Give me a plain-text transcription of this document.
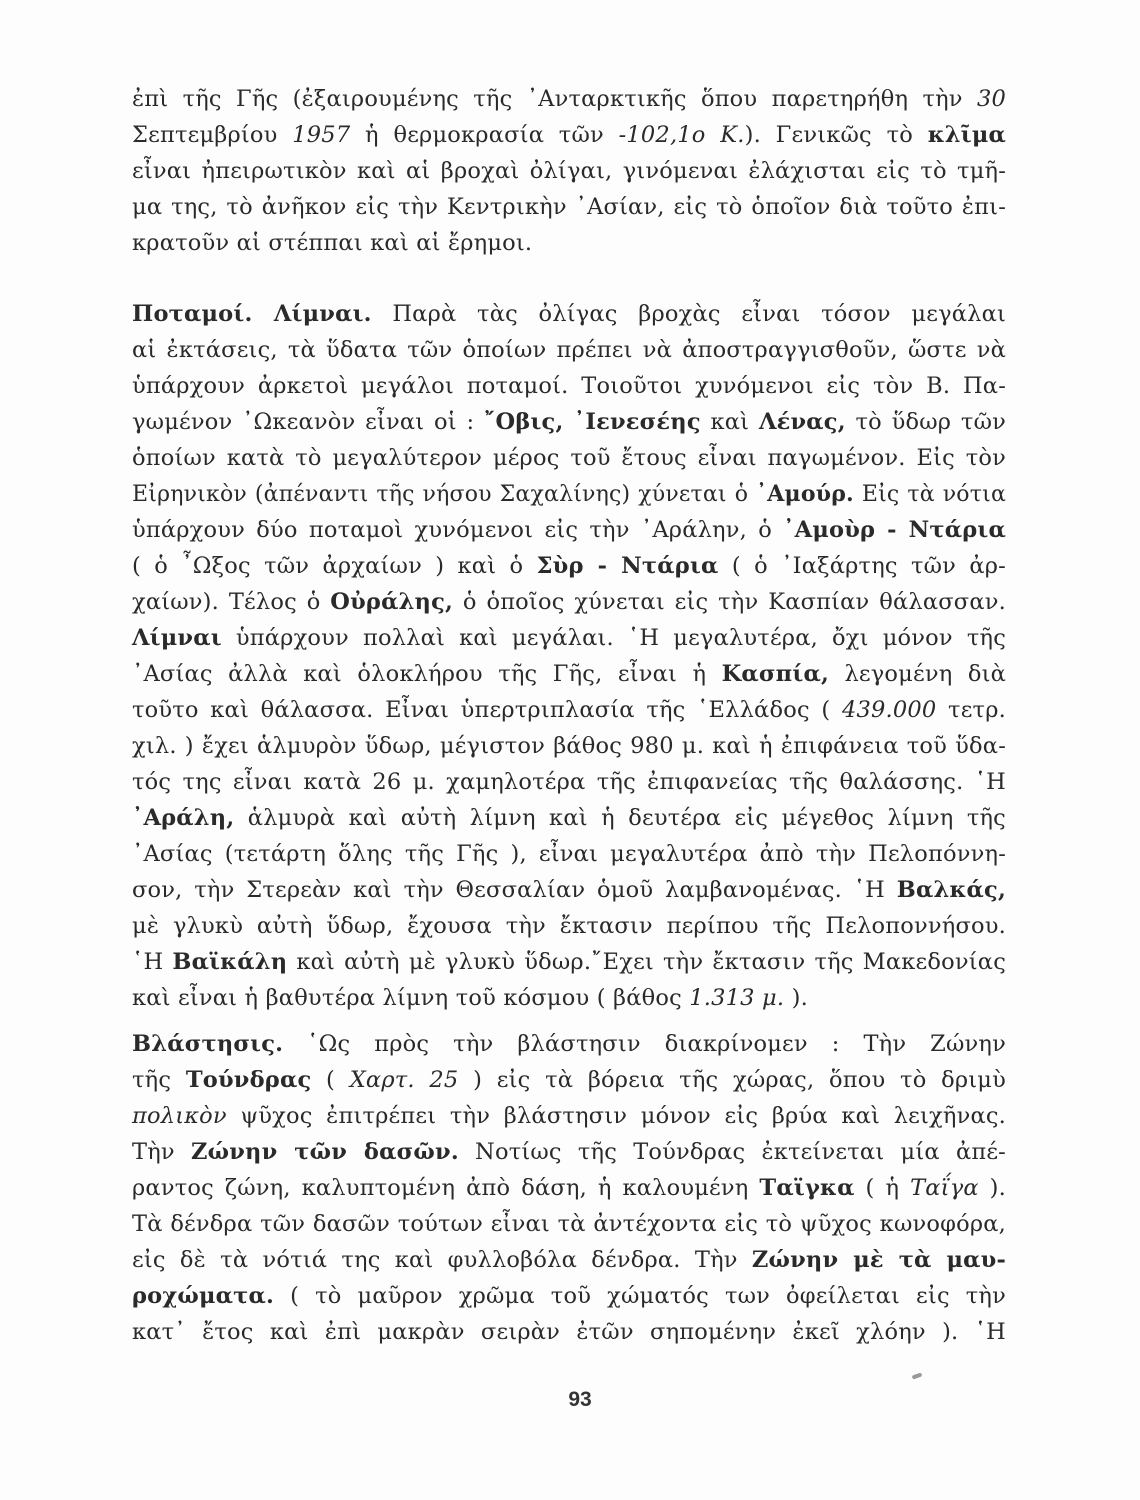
ἐπὶ τῆς Γῆς (ἐξαιρουμένης τῆς ᾽Ανταρκτικῆς ὅπου παρετηρήθη τὴν 30
Σεπτεμβρίου 1957 ἡ θερμοκρασία τῶν -102,1ο Κ.). Γενικῶς τὸ κλῖμα
εἶναι ἠπειρωτικὸν καὶ αἱ βροχαὶ ὀλίγαι, γινόμεναι ἐλάχισται εἰς τὸ τμῆ-
μα της, τὸ ἀνῆκον εἰς τὴν Κεντρικὴν ᾽Ασίαν, εἰς τὸ ὁποῖον διὰ τοῦτο ἐπι-
κρατοῦν αἱ στέππαι καὶ αἱ ἔρημοι.
Ποταμοί. Λίμναι. Παρὰ τὰς ὀλίγας βροχὰς εἶναι τόσον μεγάλαι
αἱ ἐκτάσεις, τὰ ὕδατα τῶν ὁποίων πρέπει νὰ ἀποστραγγισθοῦν, ὥστε νὰ
ὑπάρχουν ἀρκετοὶ μεγάλοι ποταμοί. Τοιοῦτοι χυνόμενοι εἰς τὸν Β. Πα-
γωμένον ᾽Ωκεανὸν εἶναι οἱ : ῎Οβις, ᾽Ιενεσέης καὶ Λένας, τὸ ὕδωρ τῶν
ὁποίων κατὰ τὸ μεγαλύτερον μέρος τοῦ ἔτους εἶναι παγωμένον. Εἰς τὸν
Εἰρηνικὸν (ἀπέναντι τῆς νήσου Σαχαλίνης) χύνεται ὁ ᾽Αμούρ. Εἰς τὰ νότια
ὑπάρχουν δύο ποταμοὶ χυνόμενοι εἰς τὴν ᾽Αράλην, ὁ ᾽Αμοὺρ - Ντάρια
( ὁ ῏Ωξος τῶν ἀρχαίων ) καὶ ὁ Σὺρ - Ντάρια ( ὁ ᾽Ιαξάρτης τῶν ἀρ-
χαίων). Τέλος ὁ Οὐράλης, ὁ ὁποῖος χύνεται εἰς τὴν Κασπίαν θάλασσαν.
Λίμναι ὑπάρχουν πολλαὶ καὶ μεγάλαι. ῾Η μεγαλυτέρα, ὄχι μόνον τῆς
᾽Ασίας ἀλλὰ καὶ ὁλοκλήρου τῆς Γῆς, εἶναι ἡ Κασπία, λεγομένη διὰ
τοῦτο καὶ θάλασσα. Εἶναι ὑπερτριπλασία τῆς ῾Ελλάδος ( 439.000 τετρ.
χιλ. ) ἔχει ἁλμυρὸν ὕδωρ, μέγιστον βάθος 980 μ. καὶ ἡ ἐπιφάνεια τοῦ ὕδα-
τός της εἶναι κατὰ 26 μ. χαμηλοτέρα τῆς ἐπιφανείας τῆς θαλάσσης. ῾Η
᾽Αράλη, ἁλμυρὰ καὶ αὐτὴ λίμνη καὶ ἡ δευτέρα εἰς μέγεθος λίμνη τῆς
᾽Ασίας (τετάρτη ὅλης τῆς Γῆς ), εἶναι μεγαλυτέρα ἀπὸ τὴν Πελοπόννη-
σον, τὴν Στερεὰν καὶ τὴν Θεσσαλίαν ὁμοῦ λαμβανομένας. ῾Η Βαλκάς,
μὲ γλυκὺ αὐτὴ ὕδωρ, ἔχουσα τὴν ἔκτασιν περίπου τῆς Πελοποννήσου.
῾Η Βαϊκάλη καὶ αὐτὴ μὲ γλυκὺ ὕδωρ.῎Εχει τὴν ἔκτασιν τῆς Μακεδονίας
καὶ εἶναι ἡ βαθυτέρα λίμνη τοῦ κόσμου ( βάθος 1.313 μ. ).
Βλάστησις. ῾Ως πρὸς τὴν βλάστησιν διακρίνομεν : Τὴν Ζώνην
τῆς Τούνδρας ( Χαρτ. 25 ) εἰς τὰ βόρεια τῆς χώρας, ὅπου τὸ δριμὺ
πολικὸν ψῦχος ἐπιτρέπει τὴν βλάστησιν μόνον εἰς βρύα καὶ λειχῆνας.
Τὴν Ζώνην τῶν δασῶν. Νοτίως τῆς Τούνδρας ἐκτείνεται μία ἀπέ-
ραντος ζώνη, καλυπτομένη ἀπὸ δάση, ἡ καλουμένη Ταϊγκα ( ἡ Ταΐγα ).
Τὰ δένδρα τῶν δασῶν τούτων εἶναι τὰ ἀντέχοντα εἰς τὸ ψῦχος κωνοφόρα,
εἰς δὲ τὰ νότιά της καὶ φυλλοβόλα δένδρα. Τὴν Ζώνην μὲ τὰ μαυ-
ροχώματα. ( τὸ μαῦρον χρῶμα τοῦ χώματός των ὀφείλεται εἰς τὴν
κατ᾽ ἔτος καὶ ἐπὶ μακρὰν σειρὰν ἐτῶν σηπομένην ἐκεῖ χλόην ). ῾Η
93
